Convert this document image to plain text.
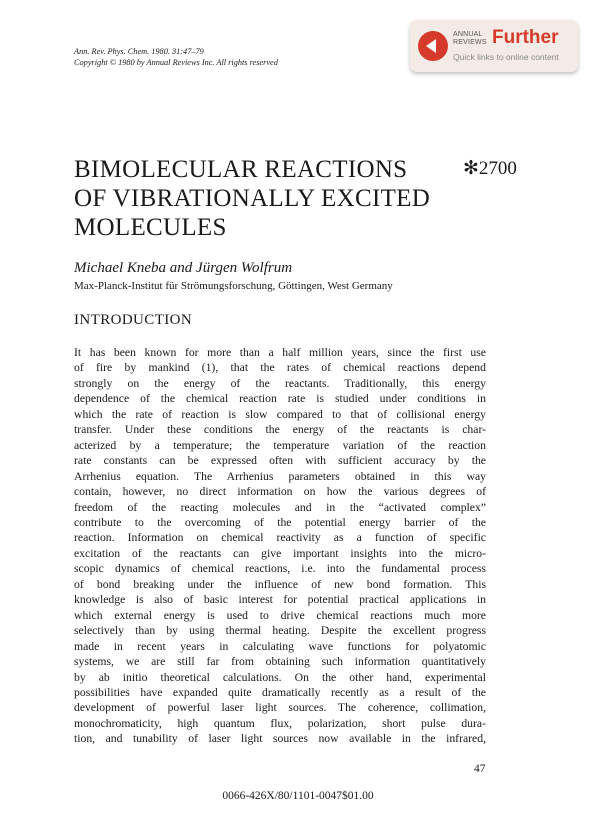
Ann. Rev. Phys. Chem. 1980. 31:47–79
Copyright © 1980 by Annual Reviews Inc. All rights reserved
ANNUAL
REVIEWS Further
Quick links to online content
BIMOLECULAR REACTIONS
OF VIBRATIONALLY EXCITED
MOLECULES
✻2700
Michael Kneba and Jürgen Wolfrum
Max-Planck-Institut für Strömungsforschung, Göttingen, West Germany
INTRODUCTION
It has been known for more than a half million years, since the first use
of fire by mankind (1), that the rates of chemical reactions depend
strongly on the energy of the reactants. Traditionally, this energy
dependence of the chemical reaction rate is studied under conditions in
which the rate of reaction is slow compared to that of collisional energy
transfer. Under these conditions the energy of the reactants is char-
acterized by a temperature; the temperature variation of the reaction
rate constants can be expressed often with sufficient accuracy by the
Arrhenius equation. The Arrhenius parameters obtained in this way
contain, however, no direct information on how the various degrees of
freedom of the reacting molecules and in the “activated complex”
contribute to the overcoming of the potential energy barrier of the
reaction. Information on chemical reactivity as a function of specific
excitation of the reactants can give important insights into the micro-
scopic dynamics of chemical reactions, i.e. into the fundamental process
of bond breaking under the influence of new bond formation. This
knowledge is also of basic interest for potential practical applications in
which external energy is used to drive chemical reactions much more
selectively than by using thermal heating. Despite the excellent progress
made in recent years in calculating wave functions for polyatomic
systems, we are still far from obtaining such information quantitatively
by ab initio theoretical calculations. On the other hand, experimental
possibilities have expanded quite dramatically recently as a result of the
development of powerful laser light sources. The coherence, collimation,
monochromaticity, high quantum flux, polarization, short pulse dura-
tion, and tunability of laser light sources now available in the infrared,
47
0066-426X/80/1101-0047$01.00
